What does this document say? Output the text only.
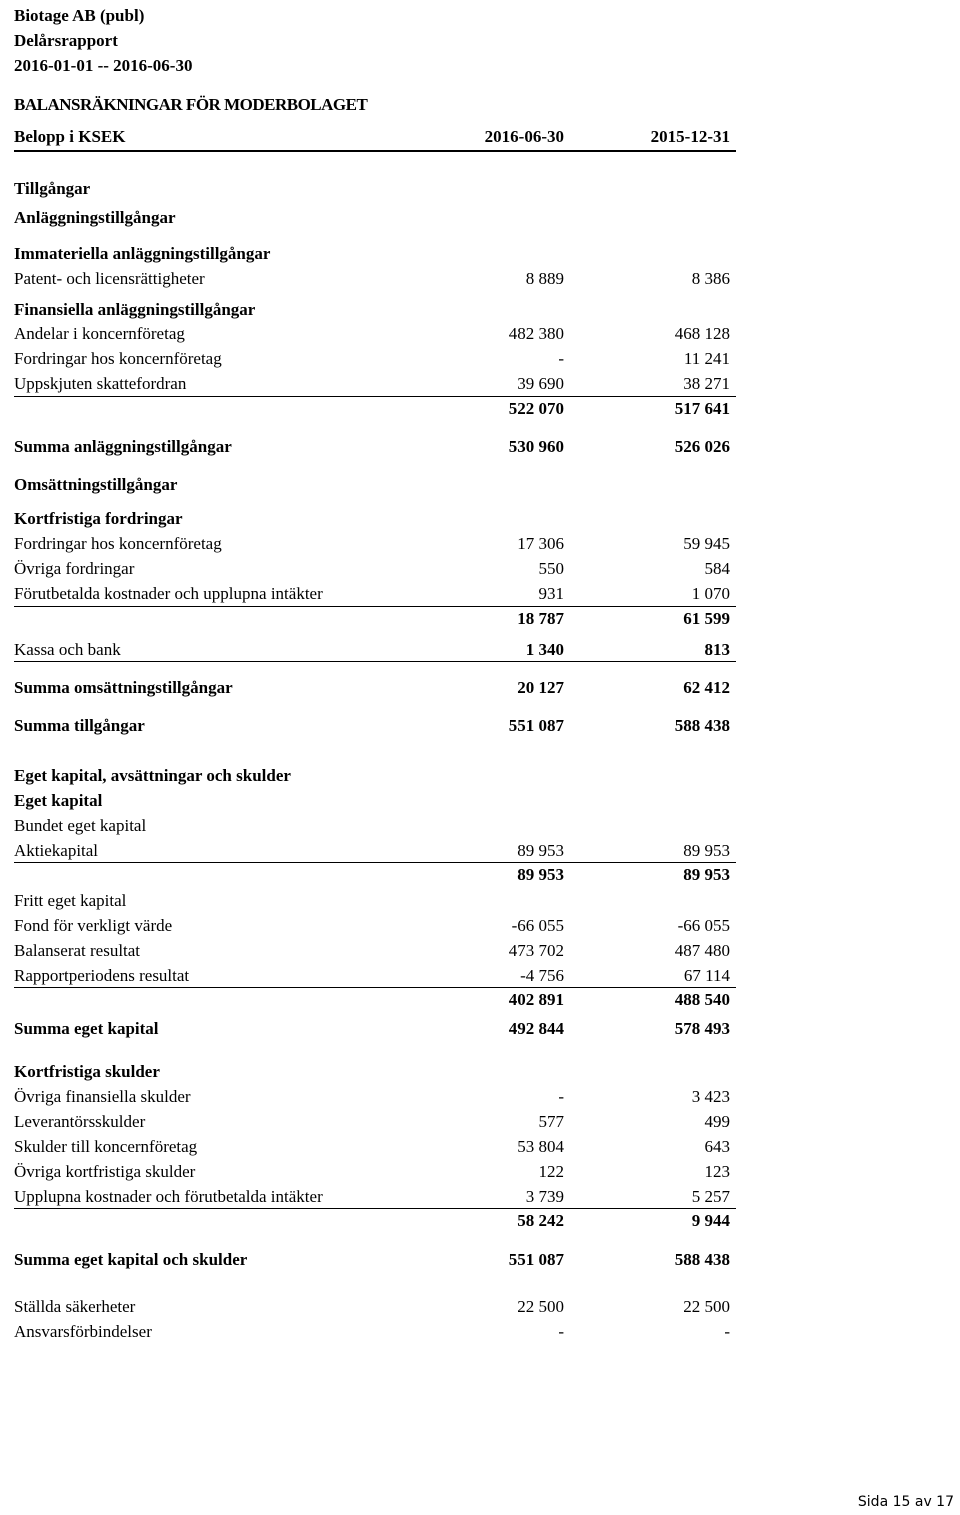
Biotage AB (publ)
Delårsrapport
2016-01-01 -- 2016-06-30
BALANSRÄKNINGAR FÖR MODERBOLAGET
Belopp i KSEK	2016-06-30	2015-12-31
Tillgångar
Anläggningstillgångar
Immateriella anläggningstillgångar
Patent- och licensrättigheter	8 889	8 386
Finansiella anläggningstillgångar
Andelar i koncernföretag	482 380	468 128
Fordringar hos koncernföretag	-	11 241
Uppskjuten skattefordran	39 690	38 271
522 070	517 641
Summa anläggningstillgångar	530 960	526 026
Omsättningstillgångar
Kortfristiga fordringar
Fordringar hos koncernföretag	17 306	59 945
Övriga fordringar	550	584
Förutbetalda kostnader och upplupna intäkter	931	1 070
18 787	61 599
Kassa och bank	1 340	813
Summa omsättningstillgångar	20 127	62 412
Summa tillgångar	551 087	588 438
Eget kapital, avsättningar och skulder
Eget kapital
Bundet eget kapital
Aktiekapital	89 953	89 953
89 953	89 953
Fritt eget kapital
Fond för verkligt värde	-66 055	-66 055
Balanserat resultat	473 702	487 480
Rapportperiodens resultat	-4 756	67 114
402 891	488 540
Summa eget kapital	492 844	578 493
Kortfristiga skulder
Övriga finansiella skulder	-	3 423
Leverantörsskulder	577	499
Skulder till koncernföretag	53 804	643
Övriga kortfristiga skulder	122	123
Upplupna kostnader och förutbetalda intäkter	3 739	5 257
58 242	9 944
Summa eget kapital och skulder	551 087	588 438
Ställda säkerheter	22 500	22 500
Ansvarsförbindelser	-	-
Sida 15 av 17
